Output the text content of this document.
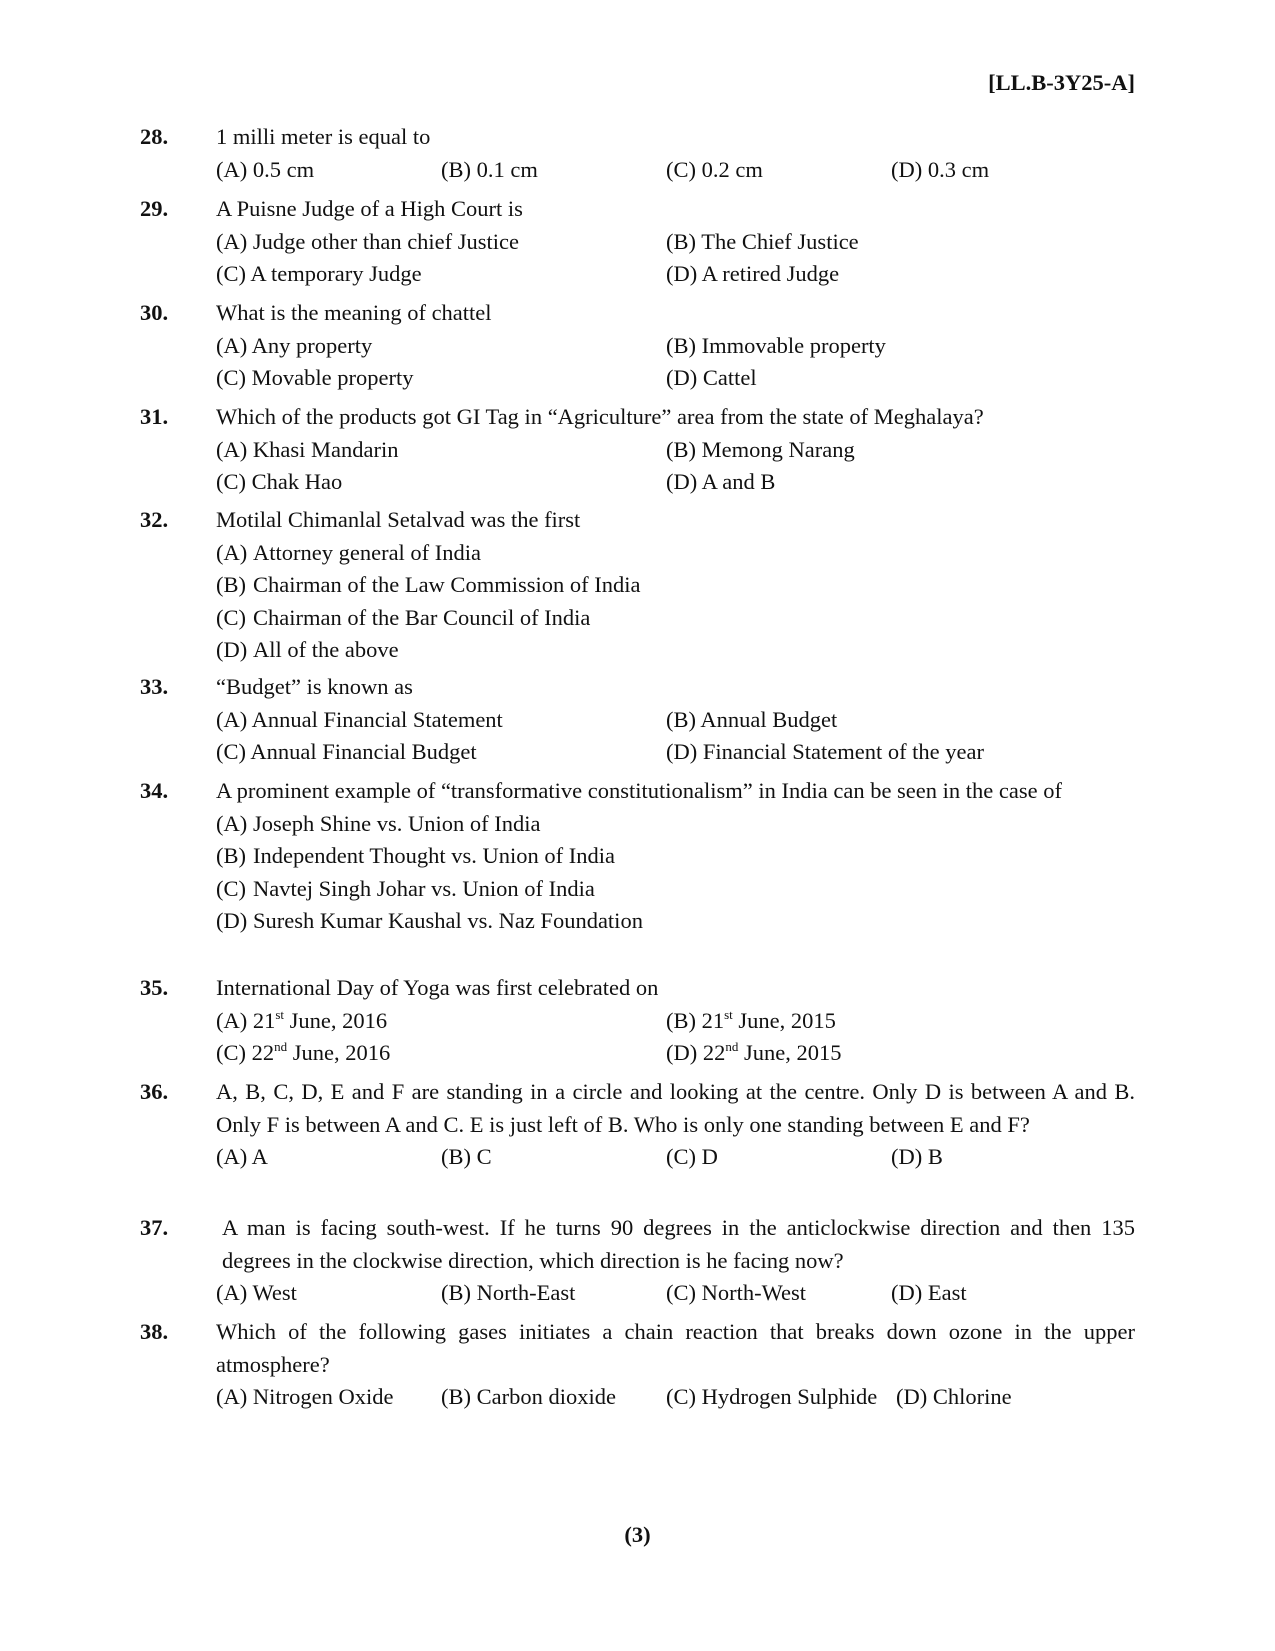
[LL.B-3Y25-A]
28.	1 milli meter is equal to
(A) 0.5 cm	(B) 0.1 cm	(C) 0.2 cm	(D) 0.3 cm
29.	A Puisne Judge of a High Court is
(A) Judge other than chief Justice	(B) The Chief Justice
(C) A temporary Judge	(D) A retired Judge
30.	What is the meaning of chattel
(A) Any property	(B) Immovable property
(C) Movable property	(D) Cattel
31.	Which of the products got GI Tag in “Agriculture” area from the state of Meghalaya?
(A) Khasi Mandarin	(B) Memong Narang
(C) Chak Hao	(D) A and B
32.	Motilal Chimanlal Setalvad was the first
(A) Attorney general of India
(B) Chairman of the Law Commission of India
(C) Chairman of the Bar Council of India
(D) All of the above
33.	“Budget” is known as
(A) Annual Financial Statement	(B) Annual Budget
(C) Annual Financial Budget	(D) Financial Statement of the year
34.	A prominent example of “transformative constitutionalism” in India can be seen in the case of
(A) Joseph Shine vs. Union of India
(B) Independent Thought vs. Union of India
(C) Navtej Singh Johar vs. Union of India
(D) Suresh Kumar Kaushal vs. Naz Foundation
35.	International Day of Yoga was first celebrated on
(A) 21st June, 2016	(B) 21st June, 2015
(C) 22nd June, 2016	(D) 22nd June, 2015
36.	A, B, C, D, E and F are standing in a circle and looking at the centre. Only D is between A and B. Only F is between A and C. E is just left of B. Who is only one standing between E and F?
(A) A	(B) C	(C) D	(D) B
37.	A man is facing south-west. If he turns 90 degrees in the anticlockwise direction and then 135 degrees in the clockwise direction, which direction is he facing now?
(A) West	(B) North-East	(C) North-West	(D) East
38.	Which of the following gases initiates a chain reaction that breaks down ozone in the upper atmosphere?
(A) Nitrogen Oxide	(B) Carbon dioxide	(C) Hydrogen Sulphide (D) Chlorine
(3)
